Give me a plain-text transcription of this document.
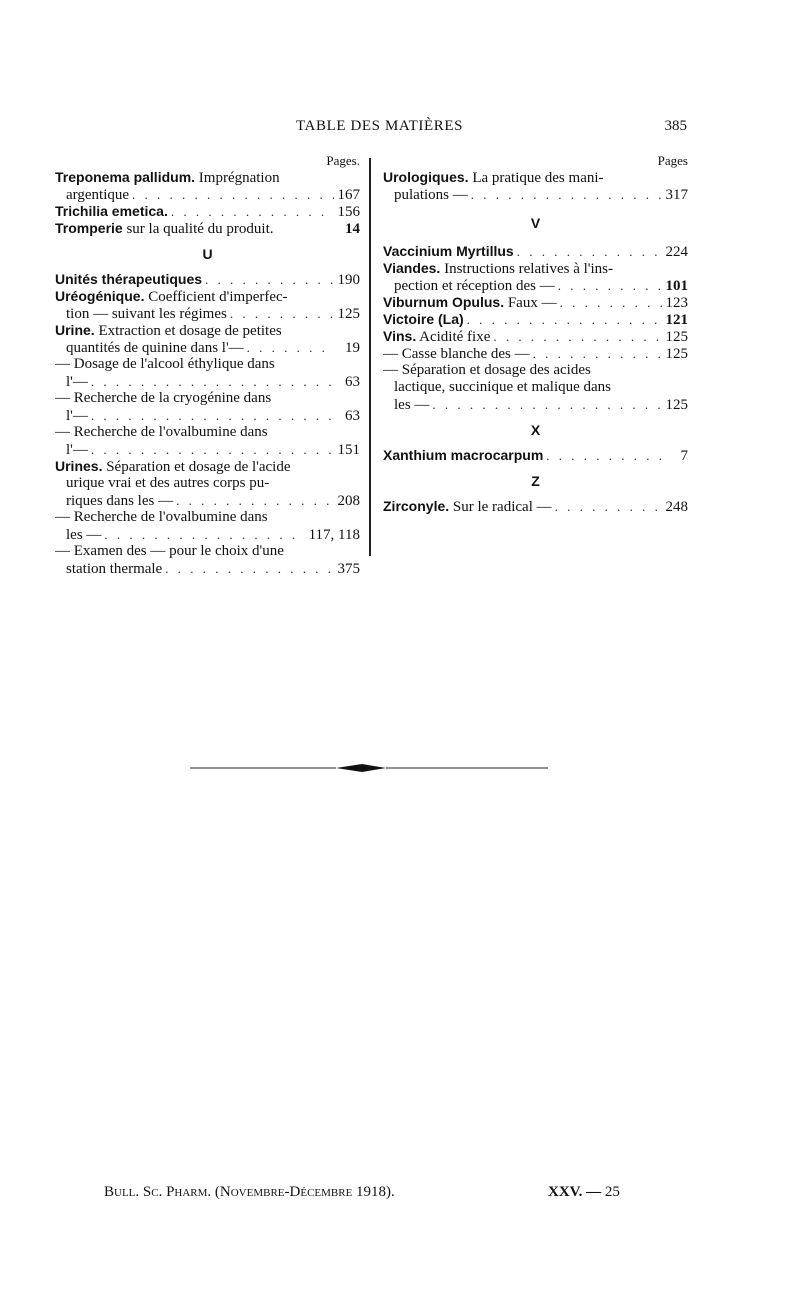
TABLE DES MATIÈRES	385
Pages.
Treponema pallidum. Imprégnation
argentique . . .	167
Trichilia emetica. . . .	156
Tromperie sur la qualité du produit.	14
U
Unités thérapeutiques . . .	190
Uréogénique. Coefficient d'imperfec-
tion — suivant les régimes . . .	125
Urine. Extraction et dosage de petites
quantités de quinine dans l'— . . .	19
— Dosage de l'alcool éthylique dans
l'— . . .	63
— Recherche de la cryogénine dans
l'— . . .	63
— Recherche de l'ovalbumine dans
l'— . . .	151
Urines. Séparation et dosage de l'acide
urique vrai et des autres corps pu-
riques dans les — . . .	208
— Recherche de l'ovalbumine dans
les — . . .	117, 118
— Examen des — pour le choix d'une
station thermale . . .	375
Pages
Urologiques. La pratique des mani-
pulations — . . .	317
V
Vaccinium Myrtillus . . .	224
Viandes. Instructions relatives à l'ins-
pection et réception des — . . .	101
Viburnum Opulus. Faux — . . .	123
Victoire (La) . . .	121
Vins. Acidité fixe . . .	125
— Casse blanche des — . . .	125
— Séparation et dosage des acides
lactique, succinique et malique dans
les — . . .	125
X
Xanthium macrocarpum . . .	7
Z
Zirconyle. Sur le radical — . . .	248
Bull. Sc. Pharm. (Novembre-Décembre 1918).	XXV. — 25
